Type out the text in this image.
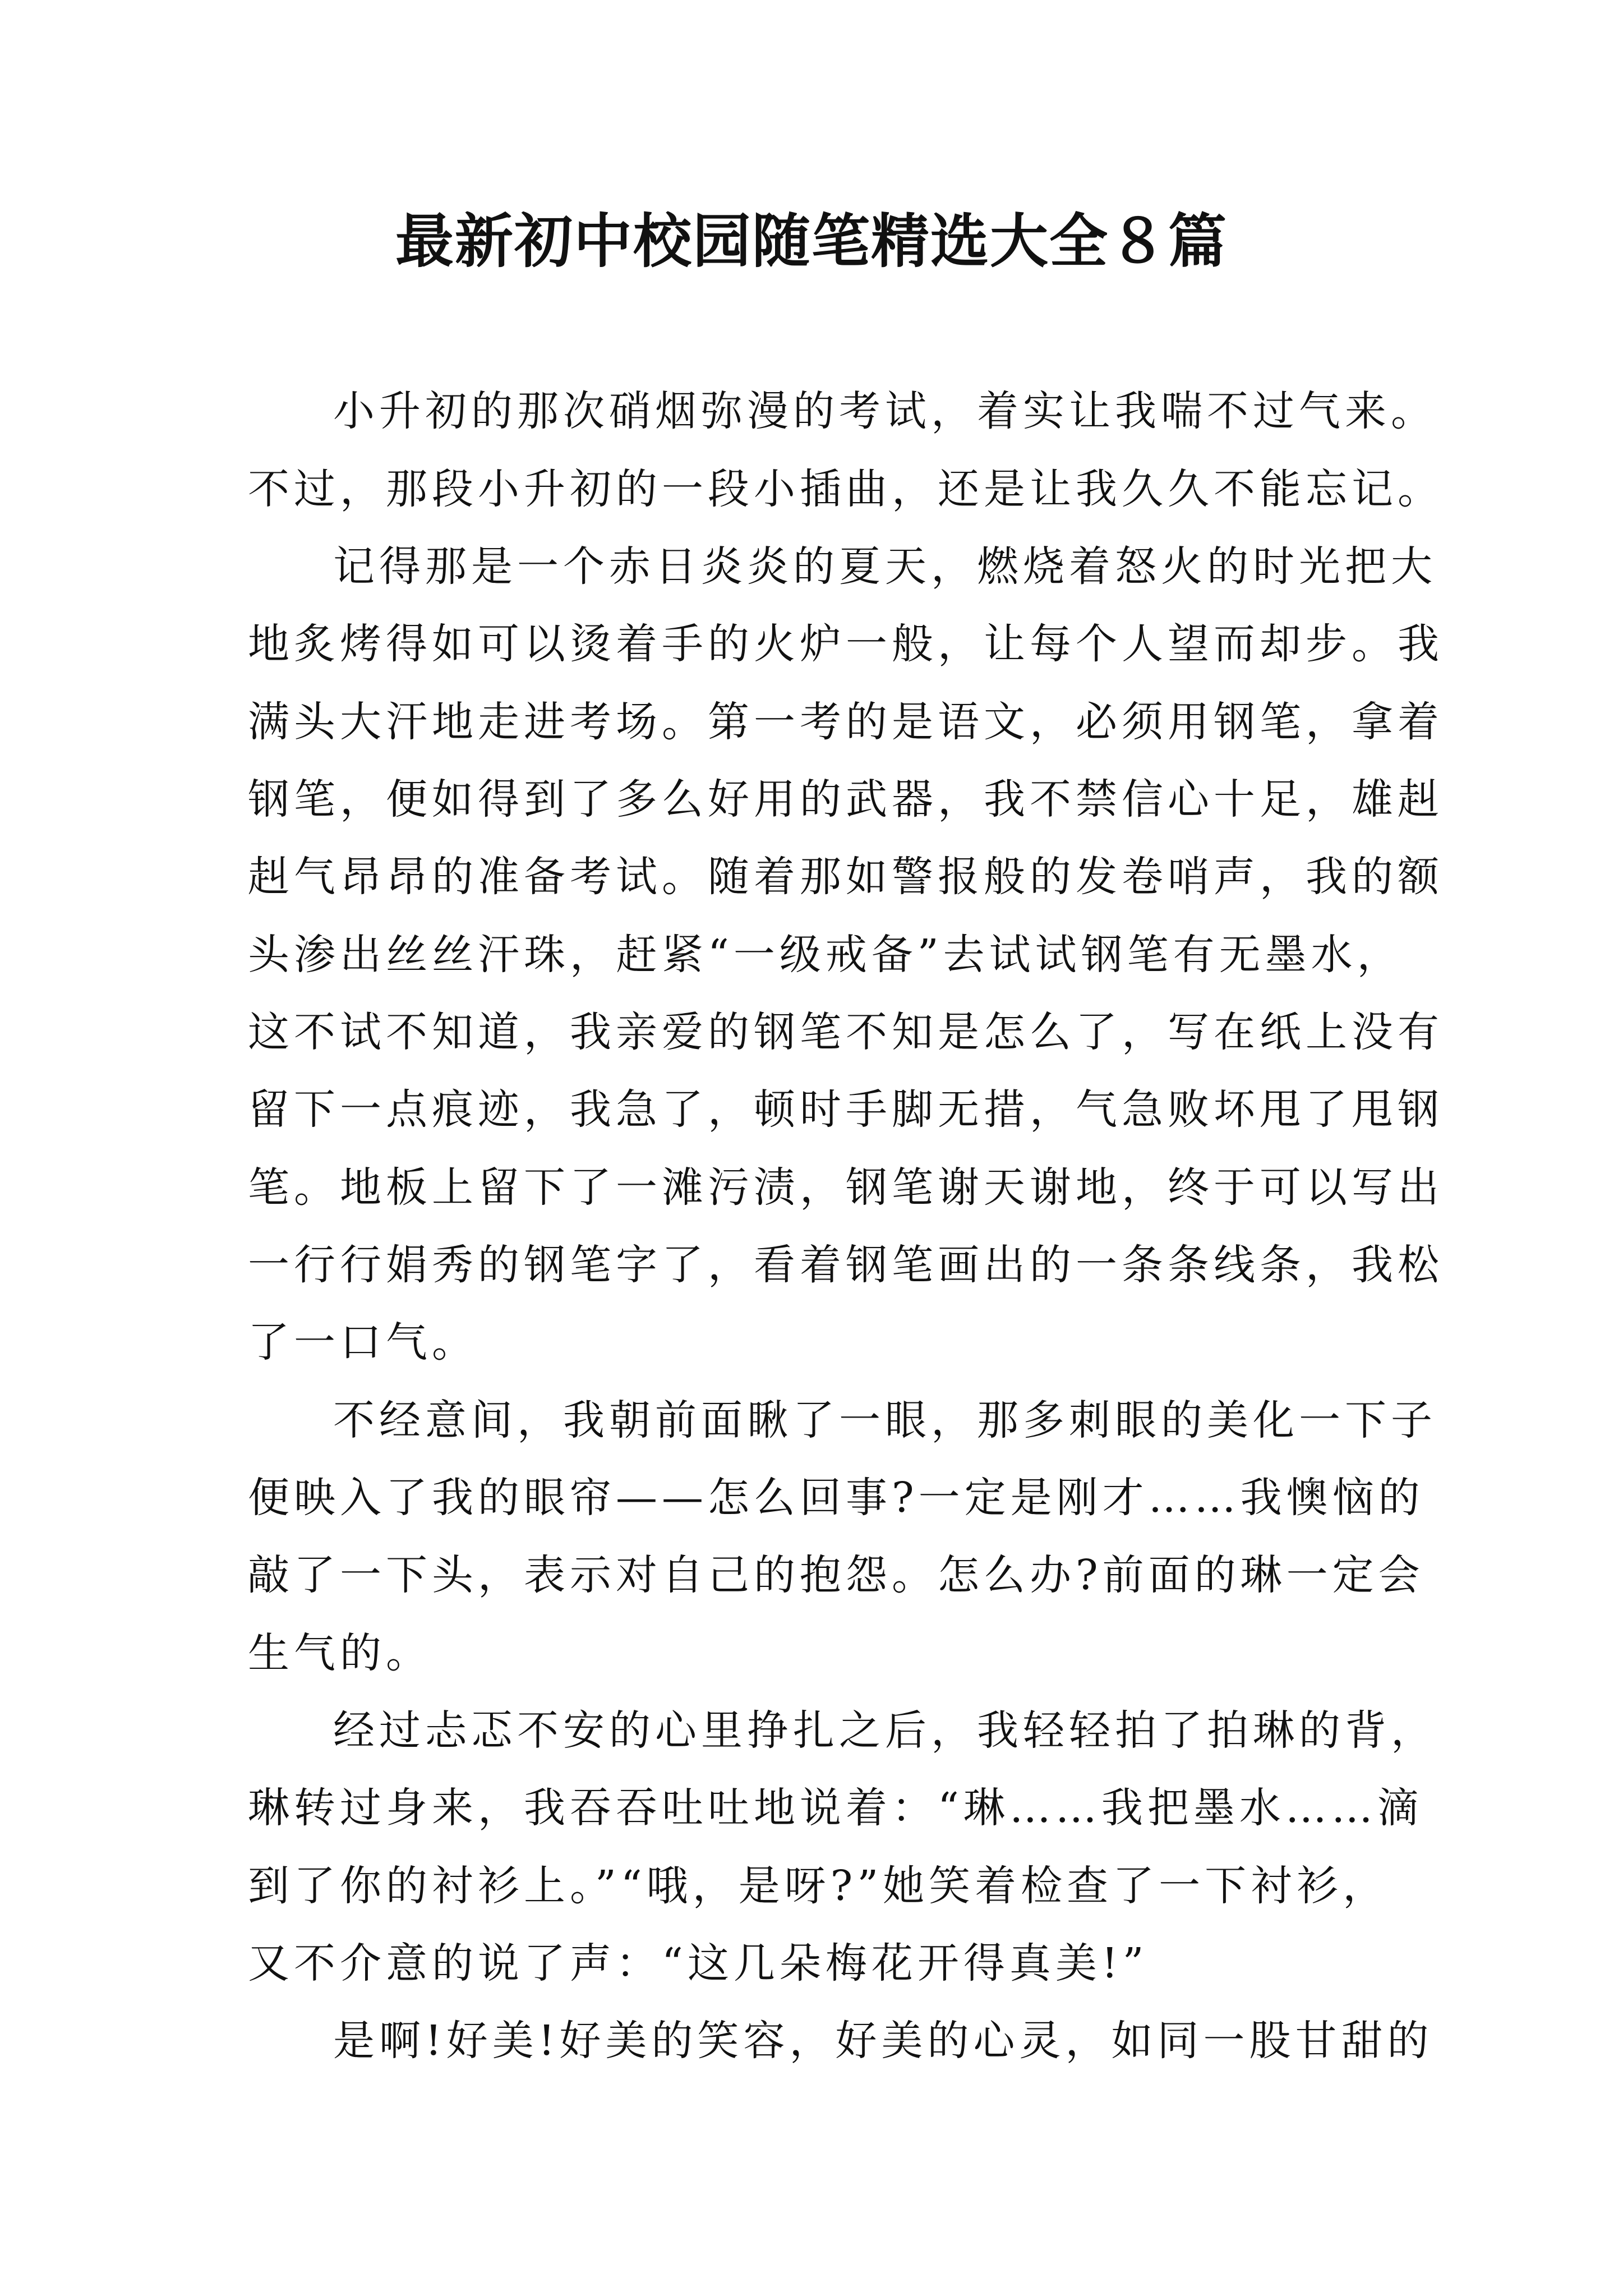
最新初中校园随笔精选大全８篇

小升初的那次硝烟弥漫的考试，着实让我喘不过气来。

不过，那段小升初的一段小插曲，还是让我久久不能忘记。

记得那是一个赤日炎炎的夏天，燃烧着怒火的时光把大

地炙烤得如可以烫着手的火炉一般，让每个人望而却步。我

满头大汗地走进考场。第一考的是语文，必须用钢笔，拿着

钢笔，便如得到了多么好用的武器，我不禁信心十足，雄赳

赳气昂昂的准备考试。随着那如警报般的发卷哨声，我的额

头渗出丝丝汗珠，赶紧“一级戒备”去试试钢笔有无墨水，

这不试不知道，我亲爱的钢笔不知是怎么了，写在纸上没有

留下一点痕迹，我急了，顿时手脚无措，气急败坏甩了甩钢

笔。地板上留下了一滩污渍，钢笔谢天谢地，终于可以写出

一行行娟秀的钢笔字了，看着钢笔画出的一条条线条，我松

了一口气。

不经意间，我朝前面瞅了一眼，那多刺眼的美化一下子

便映入了我的眼帘——怎么回事?一定是刚才……我懊恼的

敲了一下头，表示对自己的抱怨。怎么办?前面的琳一定会

生气的。

经过忐忑不安的心里挣扎之后，我轻轻拍了拍琳的背，

琳转过身来，我吞吞吐吐地说着：“琳……我把墨水……滴

到了你的衬衫上。”“哦，是呀?”她笑着检查了一下衬衫，

又不介意的说了声：“这几朵梅花开得真美!”

是啊!好美!好美的笑容，好美的心灵，如同一股甘甜的
